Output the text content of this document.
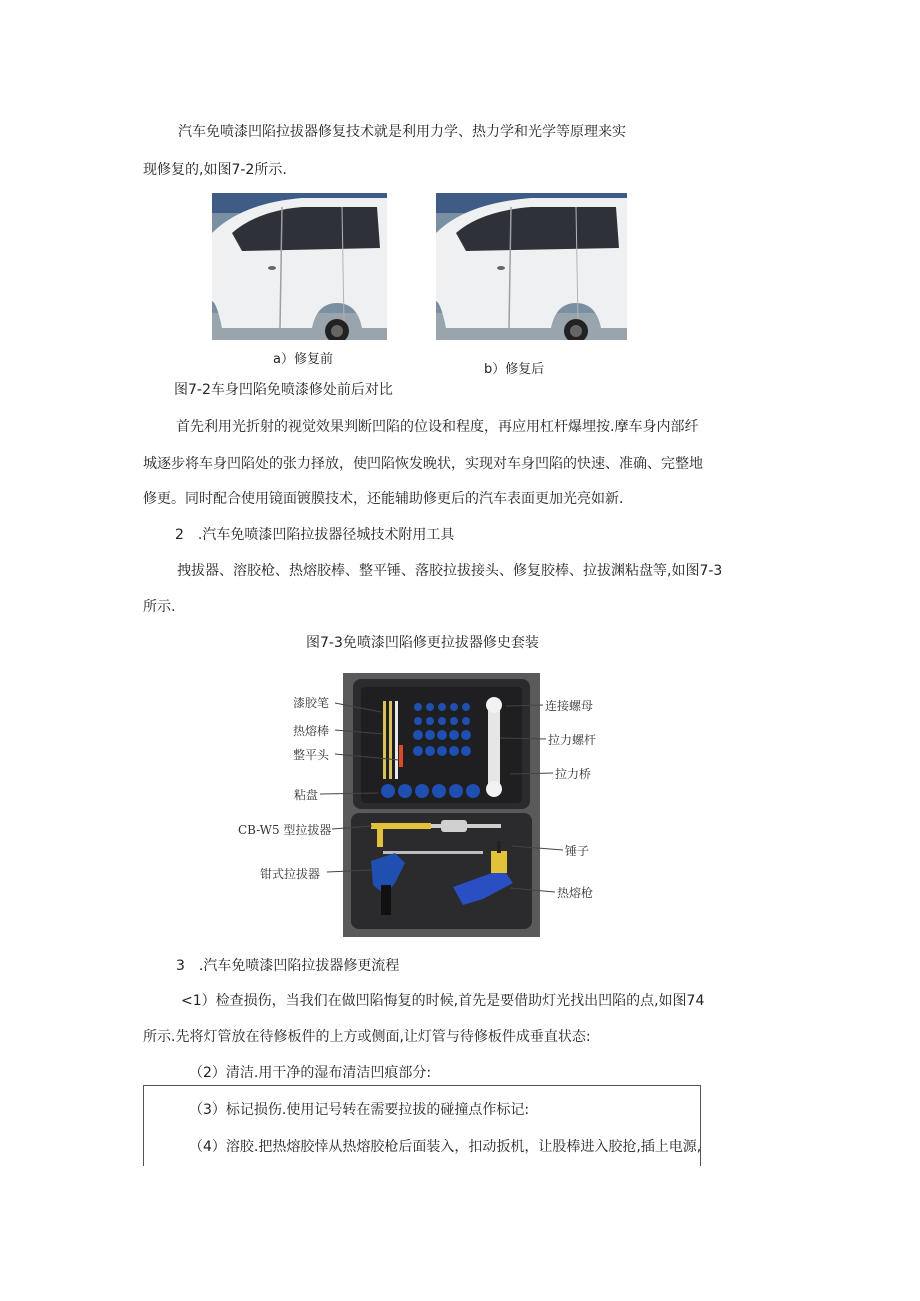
汽车免喷漆凹陷拉拔器修复技术就是利用力学、热力学和光学等原理来实
现修复的,如图7-2所示.
a）修复前
b）修复后
图7-2车身凹陷免喷漆修处前后对比
首先利用光折射的视觉效果判断凹陷的位设和程度，再应用杠杆爆埋按.摩车身内部纤
城逐步将车身凹陷处的张力择放，使凹陷恢发晚状，实现对车身凹陷的快速、准确、完整地
修更。同时配合使用镜面镀膜技术，还能辅助修更后的汽车表面更加光亮如新.
2　.汽车免喷漆凹陷拉拔器径城技术附用工具
拽拔器、溶胶枪、热熔胶棒、整平锤、落胶拉拔接头、修复胶棒、拉拔渊粘盘等,如图7-3
所示.
图7-3免喷漆凹陷修更拉拔器修史套装
漆胶笔
热熔棒
整平头
粘盘
CB-W5 型拉拔器
钳式拉拔器
连接螺母
拉力螺杆
拉力桥
锤子
热熔枪
3　.汽车免喷漆凹陷拉拔器修更流程
<1）检查损伤，当我们在做凹陷悔复的时候,首先是要借助灯光找出凹陷的点,如图74
所示.先将灯管放在待修板件的上方或侧面,让灯管与待修板件成垂直状态:
（2）清洁.用干净的湿布清洁凹痕部分:
（3）标记损伤.使用记号转在需要拉拔的碰撞点作标记:
（4）溶胶.把热熔胶悻从热熔胶枪后面装入，扣动扳机，让股棒进入胶抢,插上电源,
